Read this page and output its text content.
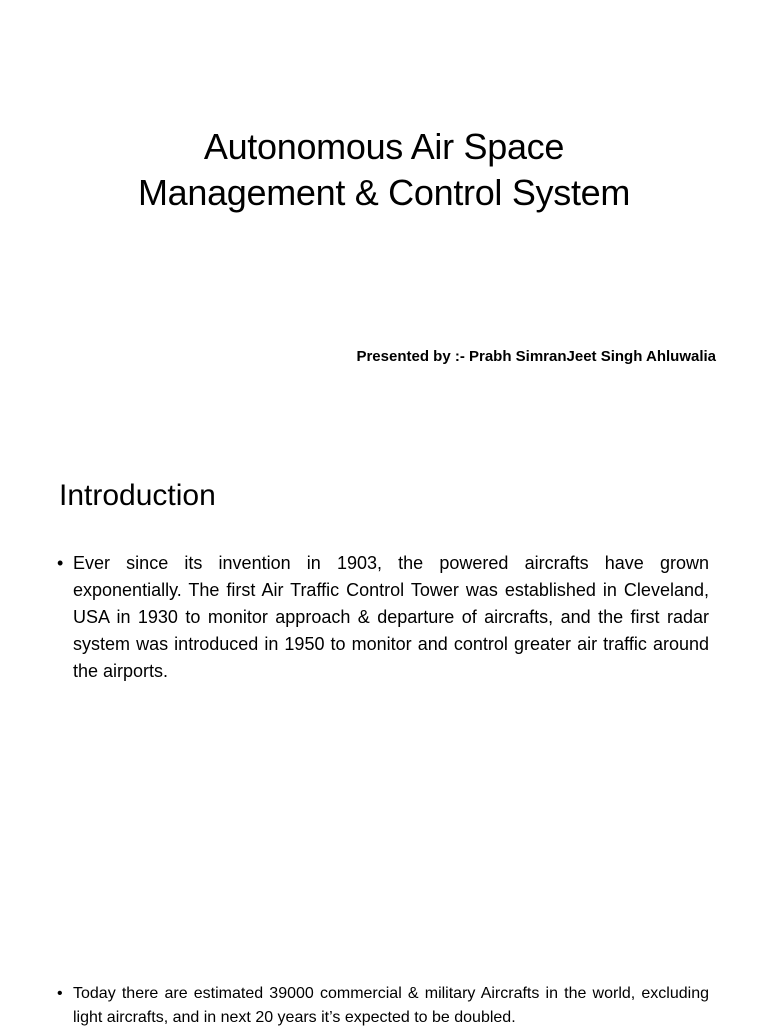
Autonomous Air Space
Management & Control System

Presented by :- Prabh SimranJeet Singh Ahluwalia

Introduction
• Ever since its invention in 1903, the powered aircrafts have grown exponentially. The first Air Traffic Control Tower was established in Cleveland, USA in 1930 to monitor approach & departure of aircrafts, and the first radar system was introduced in 1950 to monitor and control greater air traffic around the airports.
• Today there are estimated 39000 commercial & military Aircrafts in the world, excluding light aircrafts, and in next 20 years it’s expected to be doubled.
